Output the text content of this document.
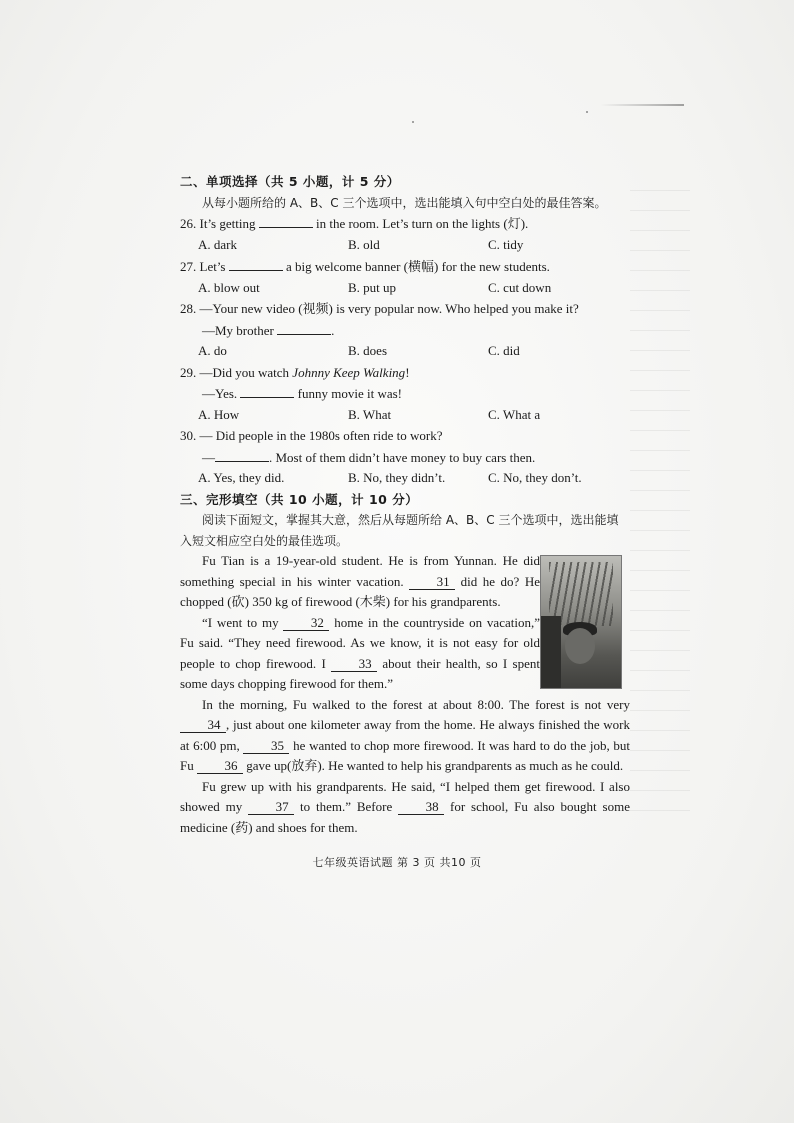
二、单项选择（共 5 小题，计 5 分）
从每小题所给的 A、B、C 三个选项中，选出能填入句中空白处的最佳答案。
26. It’s getting	in the room. Let’s turn on the lights (灯).
A. dark	B. old	C. tidy
27. Let’s	a big welcome banner (横幅) for the new students.
A. blow out	B. put up	C. cut down
28. —Your new video (视频) is very popular now. Who helped you make it?
—My brother	.
A. do	B. does	C. did
29. —Did you watch Johnny Keep Walking!
—Yes.	funny movie it was!
A. How	B. What	C. What a
30. — Did people in the 1980s often ride to work?
—	. Most of them didn’t have money to buy cars then.
A. Yes, they did.	B. No, they didn’t.	C. No, they don’t.
三、完形填空（共 10 小题，计 10 分）
阅读下面短文，掌握其大意，然后从每题所给 A、B、C 三个选项中，选出能填入短文相应空白处的最佳选项。

Fu Tian is a 19-year-old student. He is from Yunnan. He did something special in his winter vacation. 31 did he do? He chopped (砍) 350 kg of firewood (木柴) for his grandparents.

“I went to my 32 home in the countryside on vacation,” Fu said. “They need firewood. As we know, it is not easy for old people to chop firewood. I 33 about their health, so I spent some days chopping firewood for them.”

In the morning, Fu walked to the forest at about 8:00. The forest is not very 34 , just about one kilometer away from the home. He always finished the work at 6:00 pm, 35 he wanted to chop more firewood. It was hard to do the job, but Fu 36 gave up(放弃). He wanted to help his grandparents as much as he could.

Fu grew up with his grandparents. He said, “I helped them get firewood. I also showed my 37 to them.” Before 38 for school, Fu also bought some medicine (药) and shoes for them.

七年级英语试题 第 3 页 共10 页
